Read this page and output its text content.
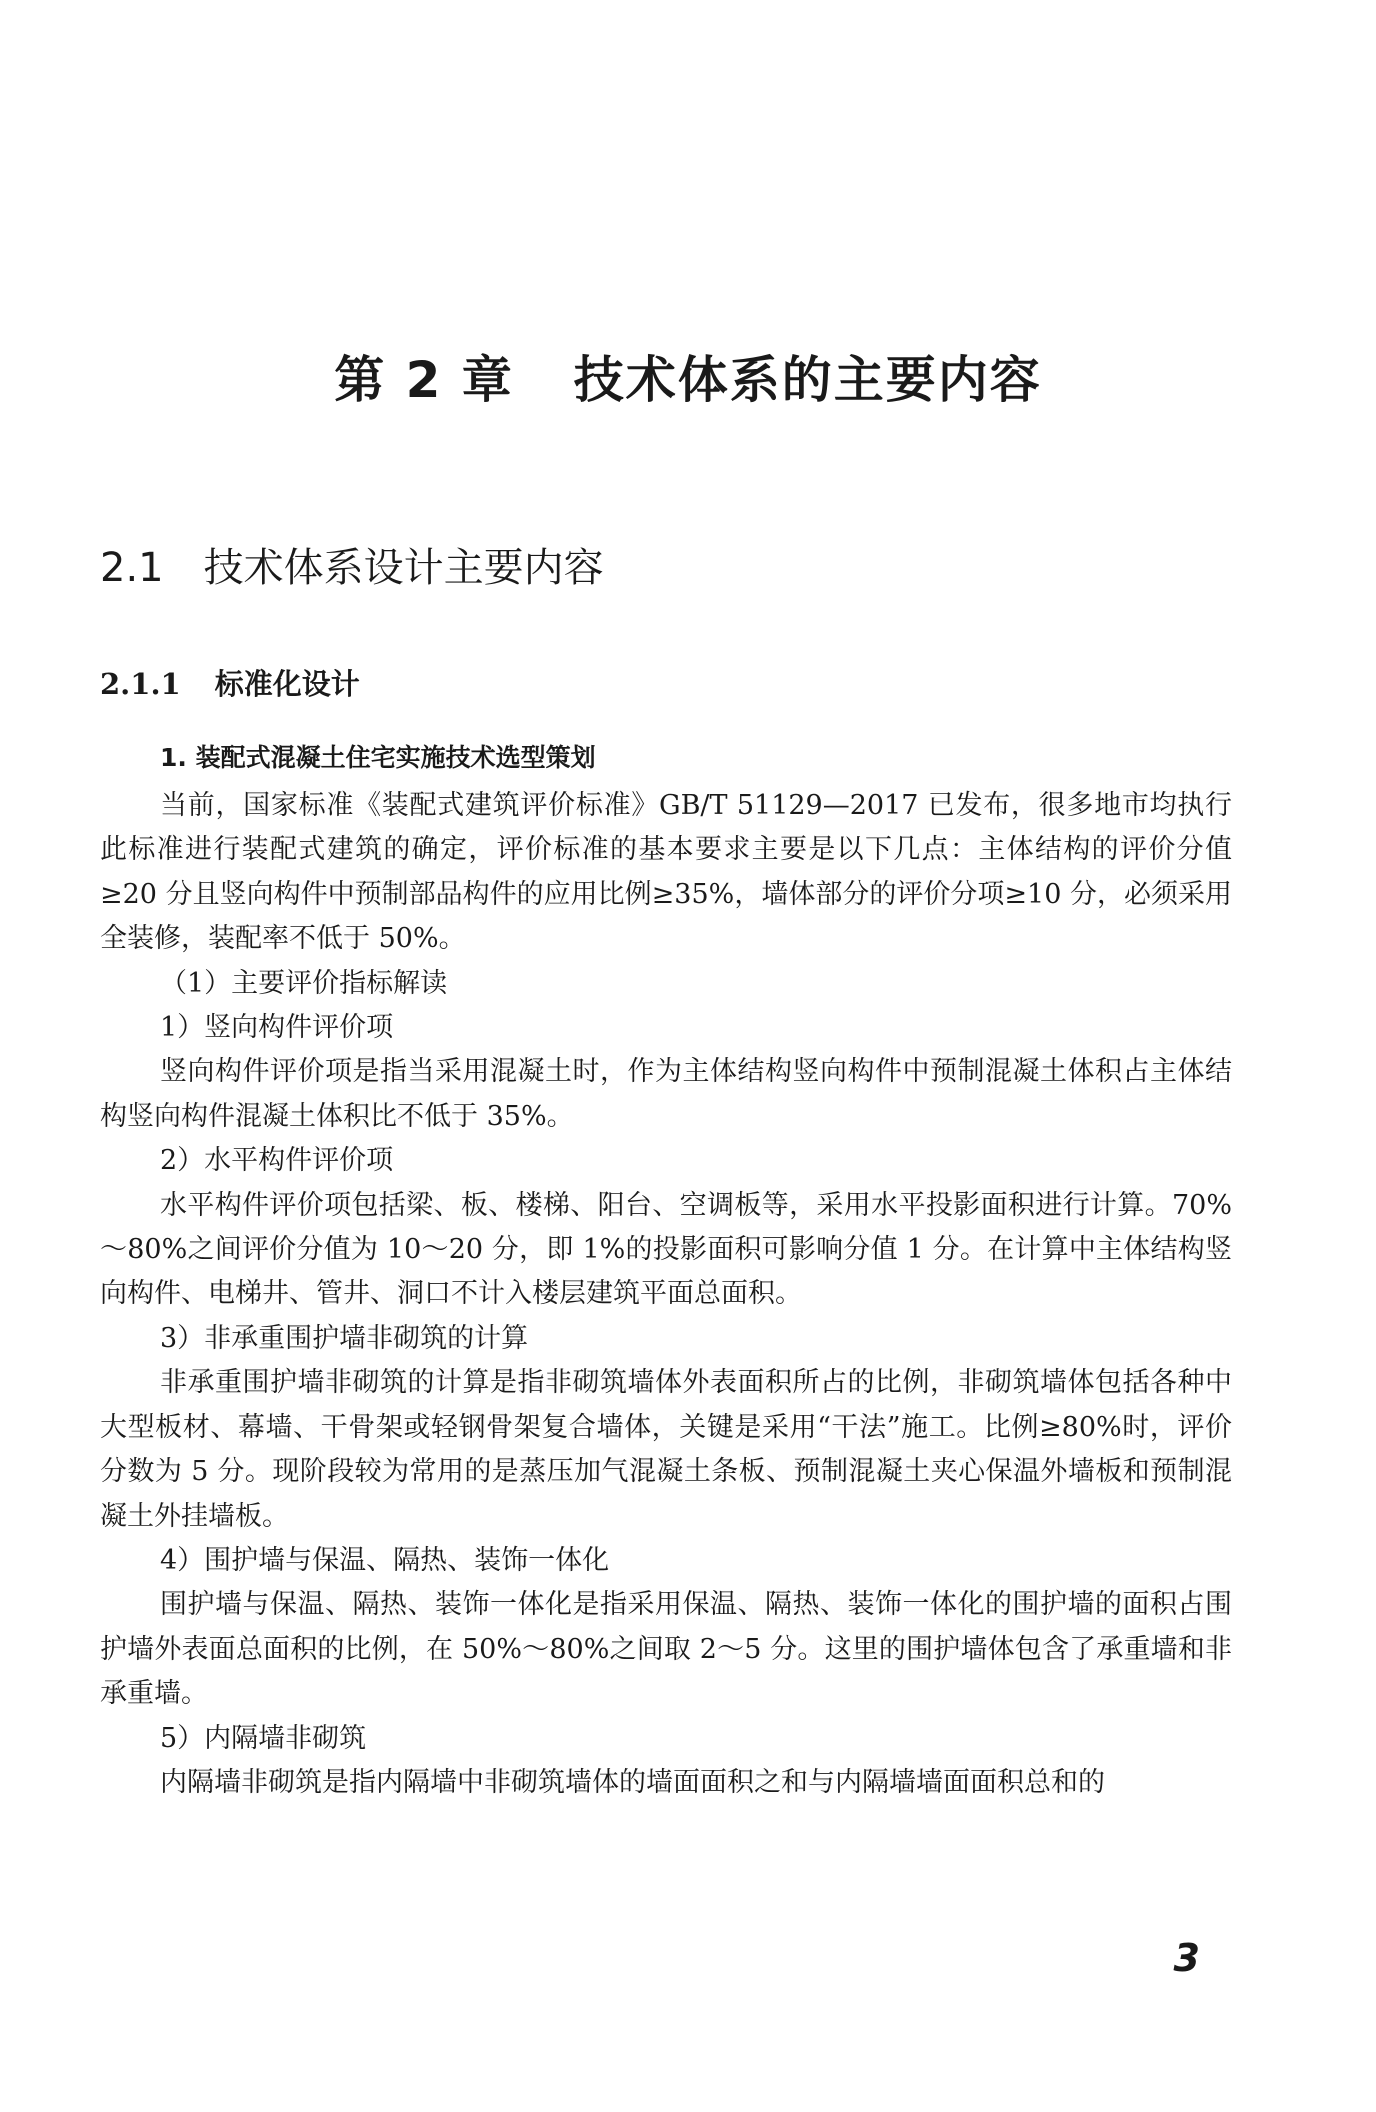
第 2 章 技术体系的主要内容
2.1 技术体系设计主要内容
2.1.1 标准化设计
1. 装配式混凝土住宅实施技术选型策划

当前，国家标准《装配式建筑评价标准》GB/T 51129—2017 已发布，很多地市均执行此标准进行装配式建筑的确定，评价标准的基本要求主要是以下几点：主体结构的评价分值≥20 分且竖向构件中预制部品构件的应用比例≥35%，墙体部分的评价分项≥10 分，必须采用全装修，装配率不低于 50%。

（1）主要评价指标解读

1）竖向构件评价项

竖向构件评价项是指当采用混凝土时，作为主体结构竖向构件中预制混凝土体积占主体结构竖向构件混凝土体积比不低于 35%。

2）水平构件评价项

水平构件评价项包括梁、板、楼梯、阳台、空调板等，采用水平投影面积进行计算。70%～80%之间评价分值为 10～20 分，即 1%的投影面积可影响分值 1 分。在计算中主体结构竖向构件、电梯井、管井、洞口不计入楼层建筑平面总面积。

3）非承重围护墙非砌筑的计算

非承重围护墙非砌筑的计算是指非砌筑墙体外表面积所占的比例，非砌筑墙体包括各种中大型板材、幕墙、干骨架或轻钢骨架复合墙体，关键是采用“干法”施工。比例≥80%时，评价分数为 5 分。现阶段较为常用的是蒸压加气混凝土条板、预制混凝土夹心保温外墙板和预制混凝土外挂墙板。

4）围护墙与保温、隔热、装饰一体化

围护墙与保温、隔热、装饰一体化是指采用保温、隔热、装饰一体化的围护墙的面积占围护墙外表面总面积的比例，在 50%～80%之间取 2～5 分。这里的围护墙体包含了承重墙和非承重墙。

5）内隔墙非砌筑

内隔墙非砌筑是指内隔墙中非砌筑墙体的墙面面积之和与内隔墙墙面面积总和的

3
